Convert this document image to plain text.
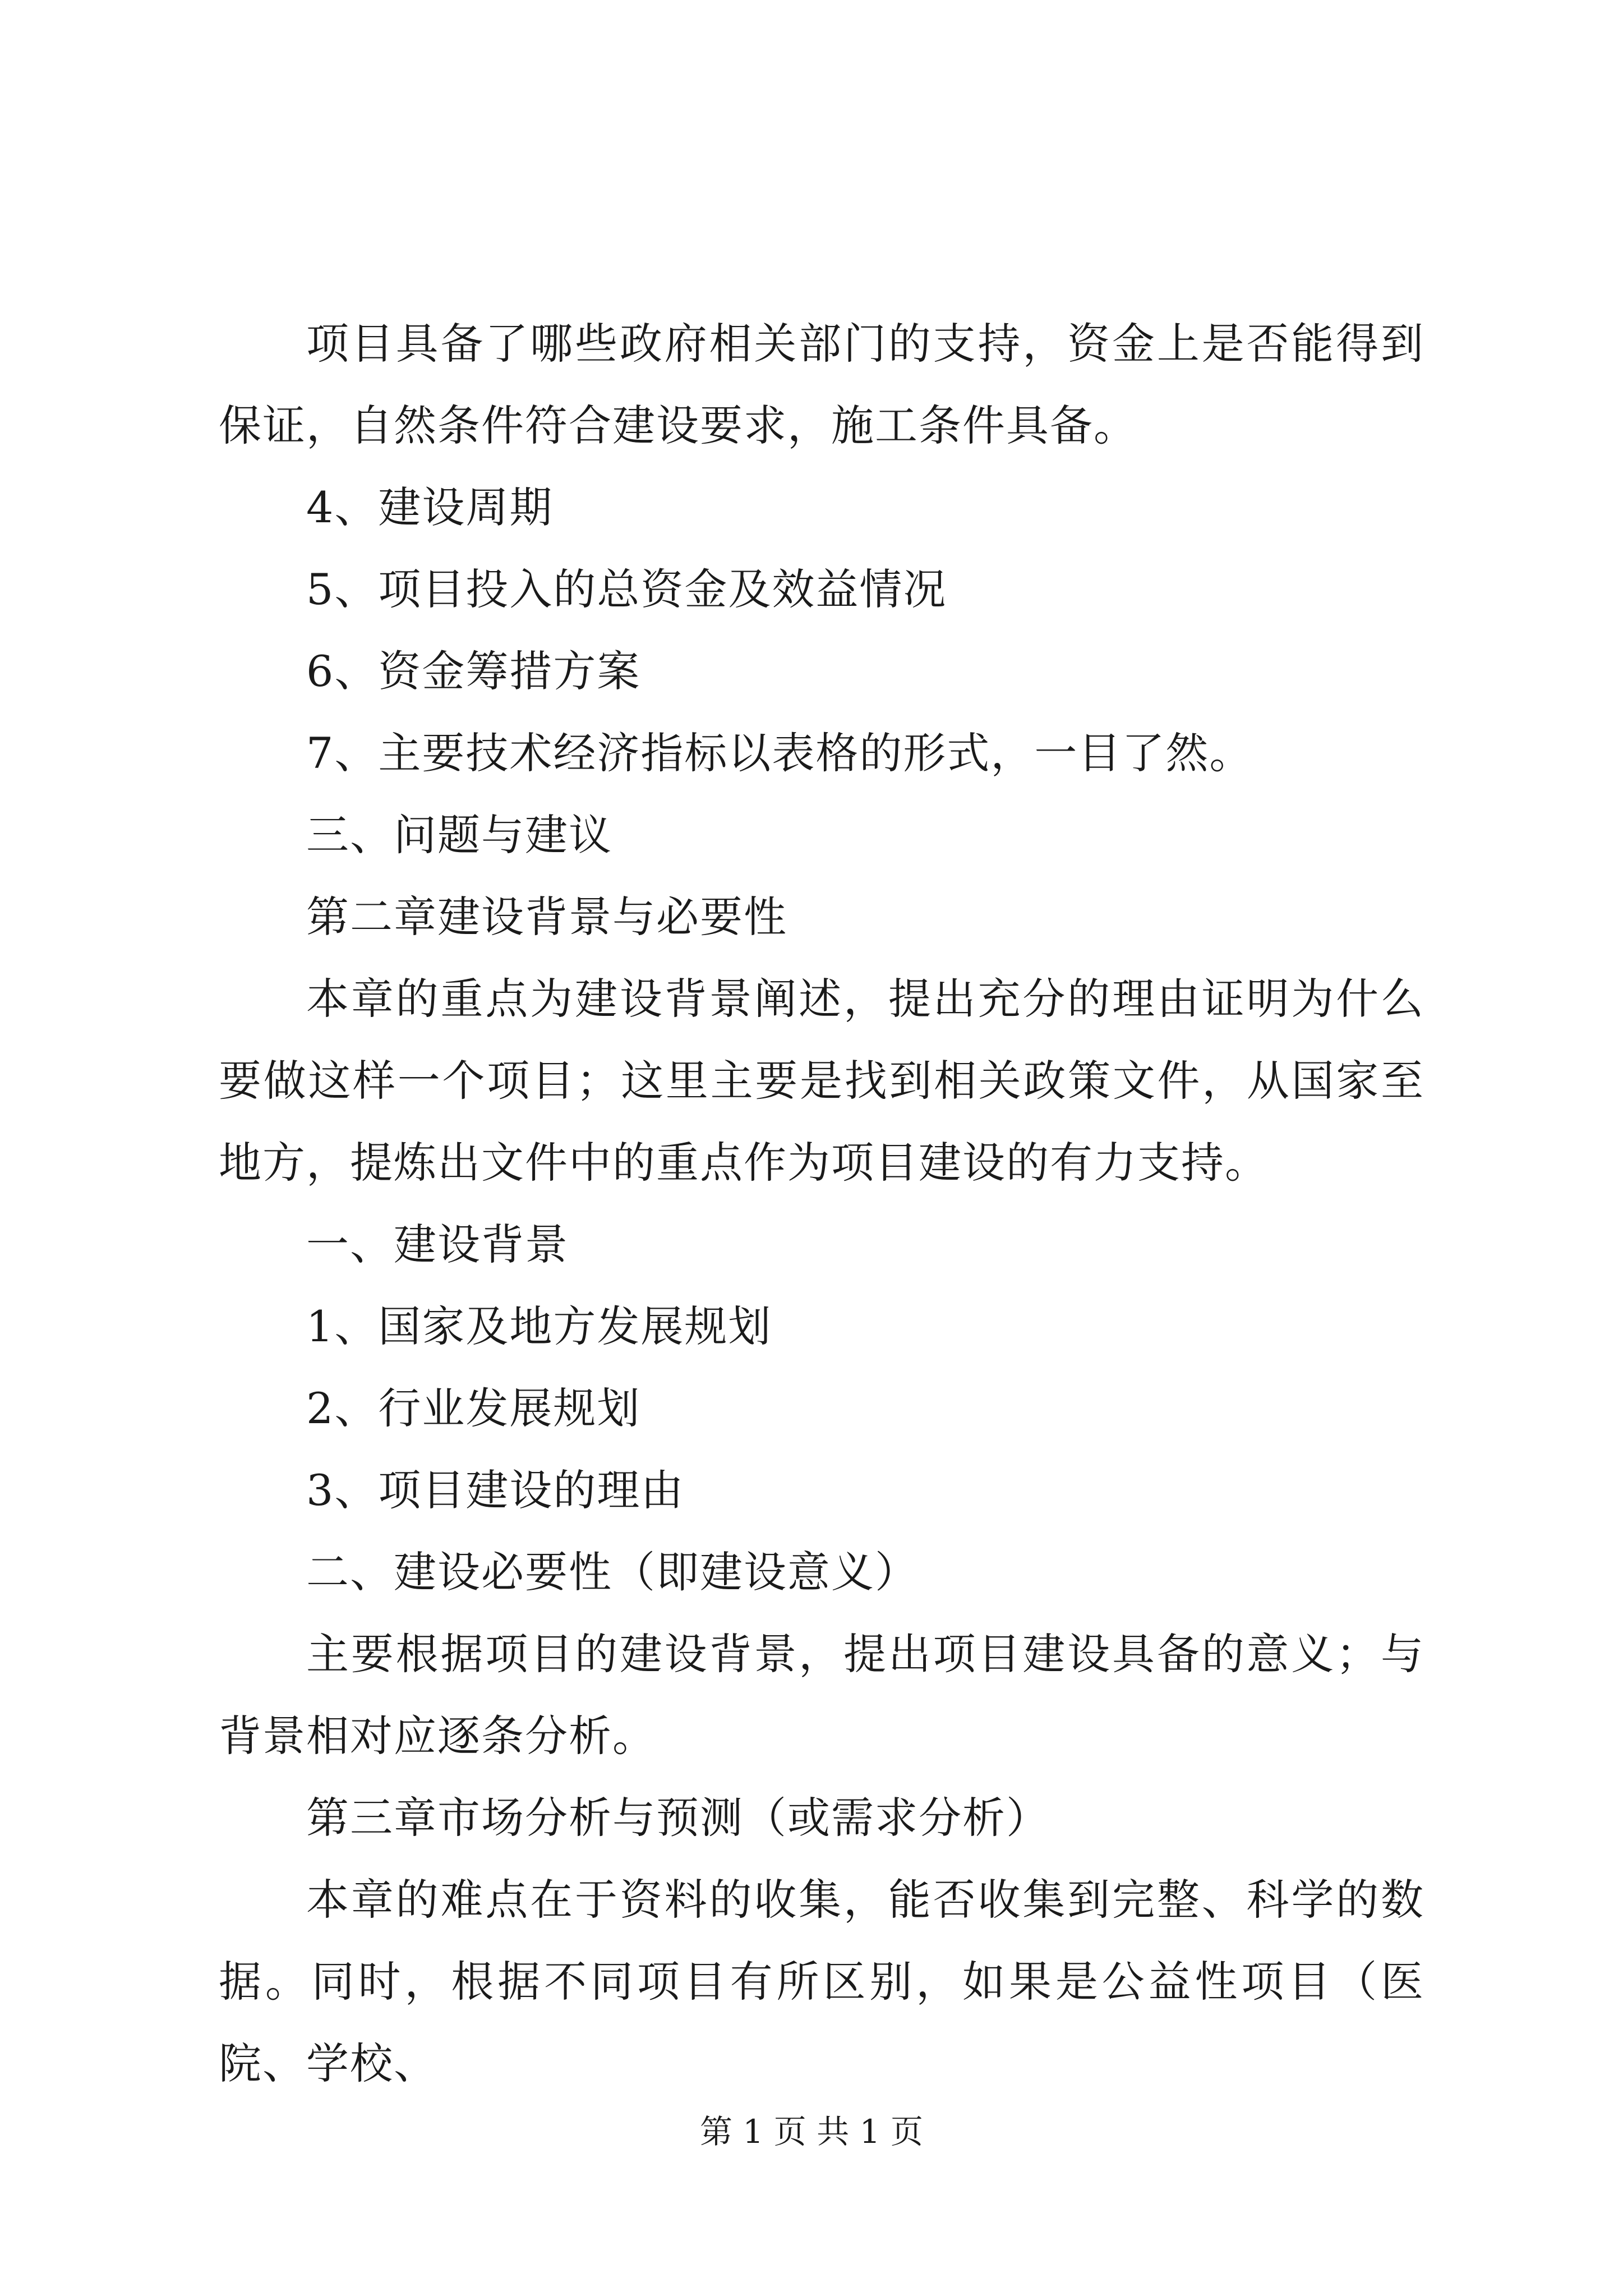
项目具备了哪些政府相关部门的支持，资金上是否能得到保证，自然条件符合建设要求，施工条件具备。

4、建设周期

5、项目投入的总资金及效益情况

6、资金筹措方案

7、主要技术经济指标以表格的形式，一目了然。

三、问题与建议

第二章建设背景与必要性

本章的重点为建设背景阐述，提出充分的理由证明为什么要做这样一个项目；这里主要是找到相关政策文件，从国家至地方，提炼出文件中的重点作为项目建设的有力支持。

一、建设背景

1、国家及地方发展规划

2、行业发展规划

3、项目建设的理由

二、建设必要性（即建设意义）

主要根据项目的建设背景，提出项目建设具备的意义；与背景相对应逐条分析。

第三章市场分析与预测（或需求分析）

本章的难点在于资料的收集，能否收集到完整、科学的数据。同时，根据不同项目有所区别，如果是公益性项目（医院、学校、

第 1 页 共 1 页
